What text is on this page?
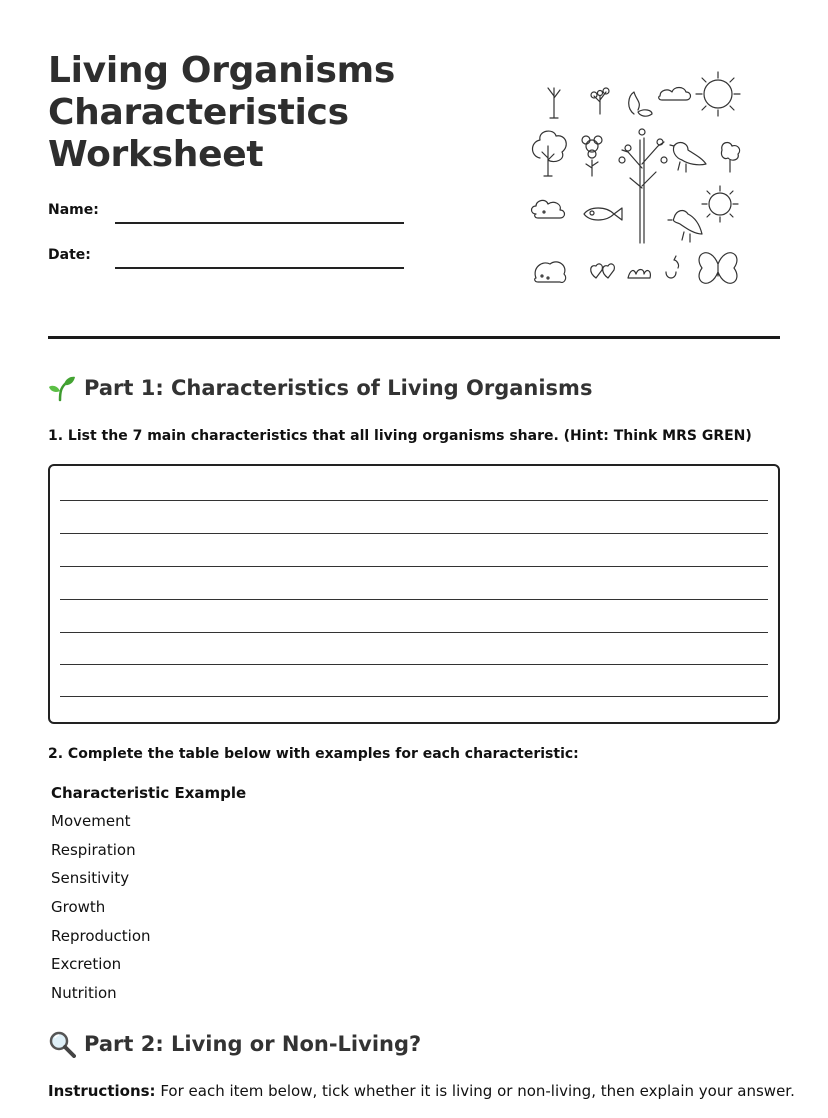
Living Organisms
Characteristics
Worksheet
Name:
Date:
Part 1: Characteristics of Living Organisms

1. List the 7 main characteristics that all living organisms share. (Hint: Think MRS GREN)

2. Complete the table below with examples for each characteristic:

Characteristic Example
Movement
Respiration
Sensitivity
Growth
Reproduction
Excretion
Nutrition
Part 2: Living or Non-Living?

Instructions: For each item below, tick whether it is living or non-living, then explain your answer.
